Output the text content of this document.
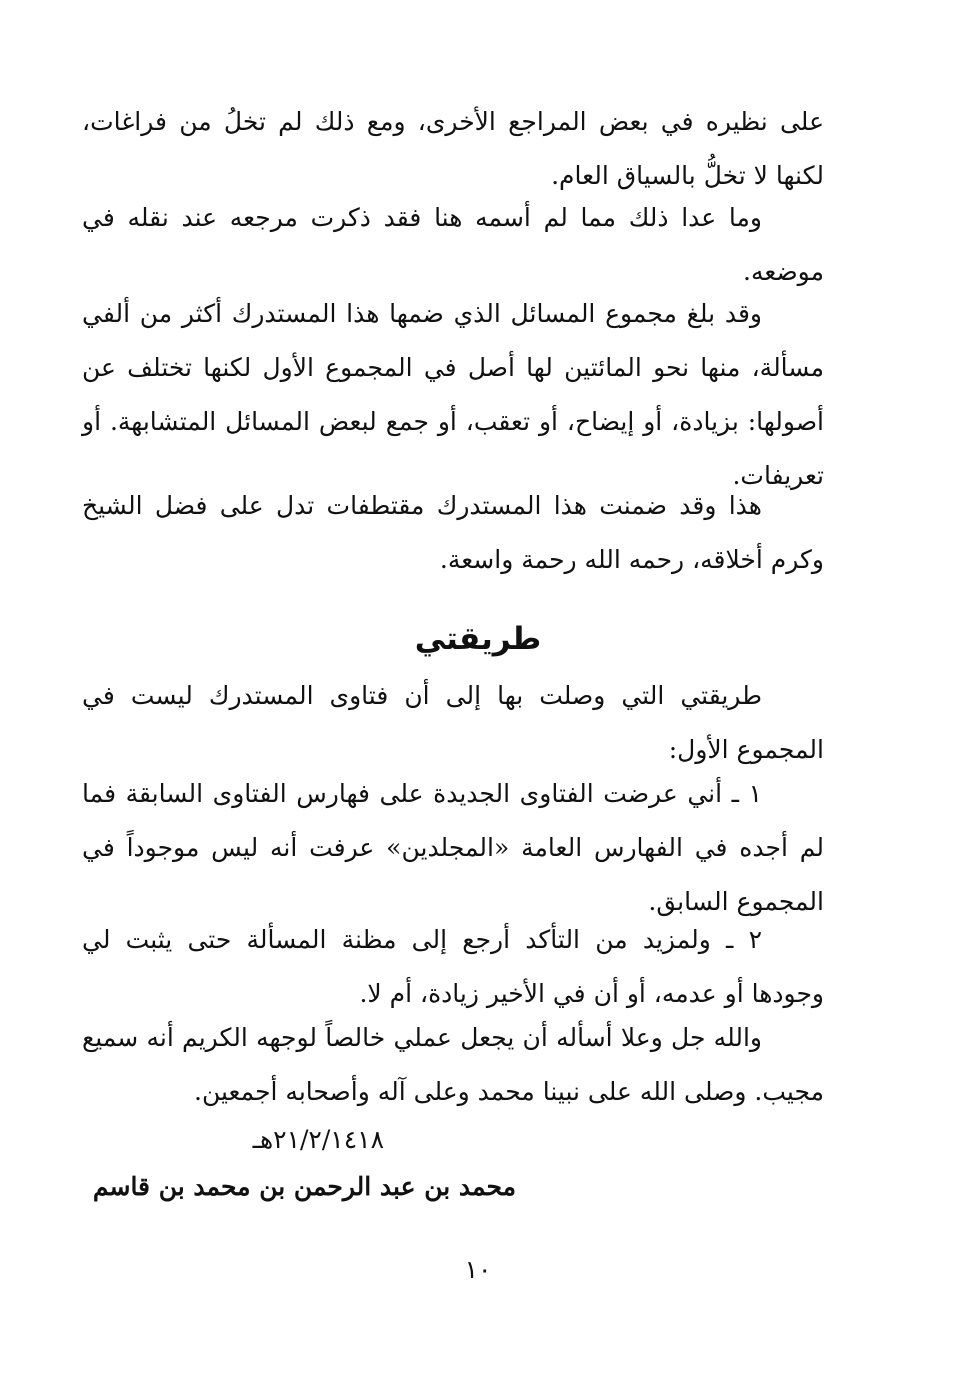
على نظيره في بعض المراجع الأخرى، ومع ذلك لم تخلُ من فراغات، لكنها لا تخلُّ بالسياق العام.

وما عدا ذلك مما لم أسمه هنا فقد ذكرت مرجعه عند نقله في موضعه.

وقد بلغ مجموع المسائل الذي ضمها هذا المستدرك أكثر من ألفي مسألة، منها نحو المائتين لها أصل في المجموع الأول لكنها تختلف عن أصولها: بزيادة، أو إيضاح، أو تعقب، أو جمع لبعض المسائل المتشابهة. أو تعريفات.

هذا وقد ضمنت هذا المستدرك مقتطفات تدل على فضل الشيخ وكرم أخلاقه، رحمه الله رحمة واسعة.

طريقتي

طريقتي التي وصلت بها إلى أن فتاوى المستدرك ليست في المجموع الأول:

١ ـ أني عرضت الفتاوى الجديدة على فهارس الفتاوى السابقة فما لم أجده في الفهارس العامة «المجلدين» عرفت أنه ليس موجوداً في المجموع السابق.

٢ ـ ولمزيد من التأكد أرجع إلى مظنة المسألة حتى يثبت لي وجودها أو عدمه، أو أن في الأخير زيادة، أم لا.

والله جل وعلا أسأله أن يجعل عملي خالصاً لوجهه الكريم أنه سميع مجيب. وصلى الله على نبينا محمد وعلى آله وأصحابه أجمعين.

٢١/٢/١٤١٨هـ

محمد بن عبد الرحمن بن محمد بن قاسم

١٠
